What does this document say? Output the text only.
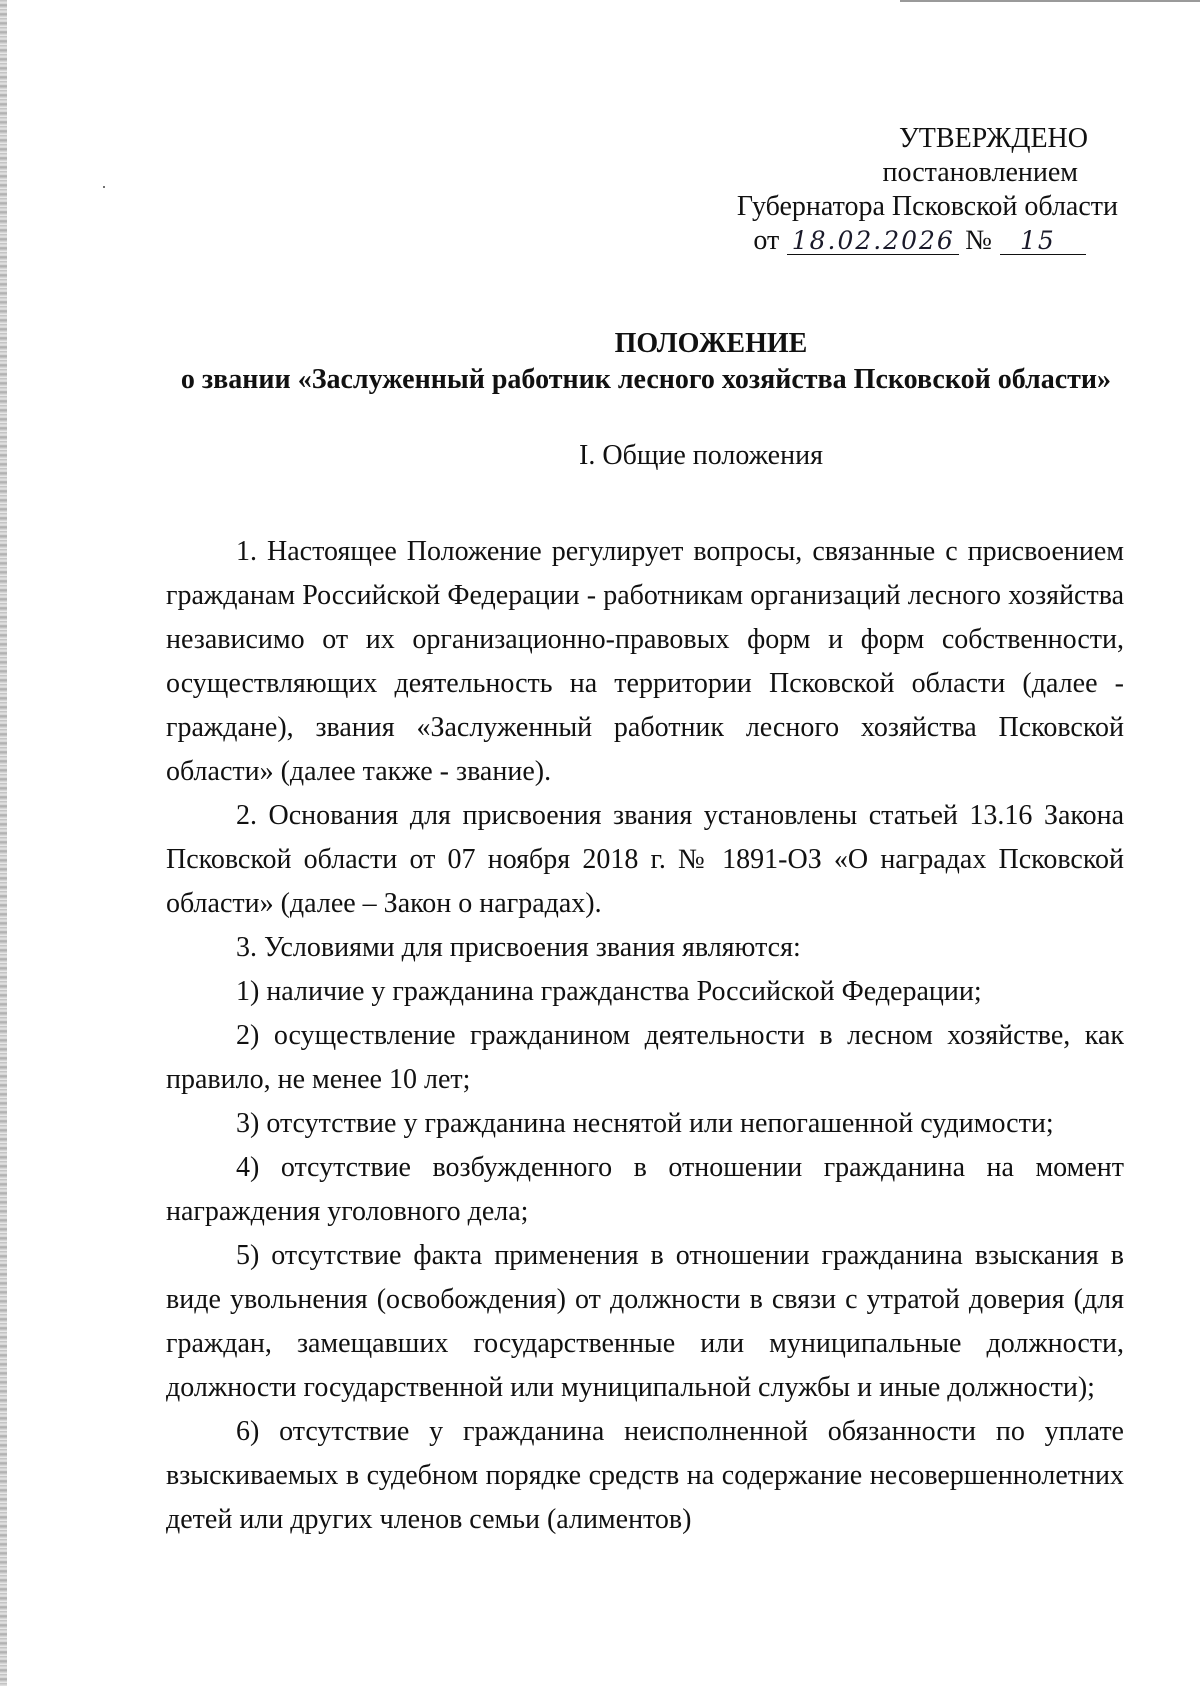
УТВЕРЖДЕНО
постановлением
Губернатора Псковской области
от 18.02.2026 № 15
ПОЛОЖЕНИЕ
о звании «Заслуженный работник лесного хозяйства Псковской области»
I. Общие положения

1. Настоящее Положение регулирует вопросы, связанные с присвоением гражданам Российской Федерации - работникам организаций лесного хозяйства независимо от их организационно-правовых форм и форм собственности, осуществляющих деятельность на территории Псковской области (далее - граждане), звания «Заслуженный работник лесного хозяйства Псковской области» (далее также - звание).

2. Основания для присвоения звания установлены статьей 13.16 Закона Псковской области от 07 ноября 2018 г. № 1891-ОЗ «О наградах Псковской области» (далее – Закон о наградах).

3. Условиями для присвоения звания являются:

1) наличие у гражданина гражданства Российской Федерации;

2) осуществление гражданином деятельности в лесном хозяйстве, как правило, не менее 10 лет;

3) отсутствие у гражданина неснятой или непогашенной судимости;

4) отсутствие возбужденного в отношении гражданина на момент награждения уголовного дела;

5) отсутствие факта применения в отношении гражданина взыскания в виде увольнения (освобождения) от должности в связи с утратой доверия (для граждан, замещавших государственные или муниципальные должности, должности государственной или муниципальной службы и иные должности);

6) отсутствие у гражданина неисполненной обязанности по уплате взыскиваемых в судебном порядке средств на содержание несовершеннолетних детей или других членов семьи (алиментов)
